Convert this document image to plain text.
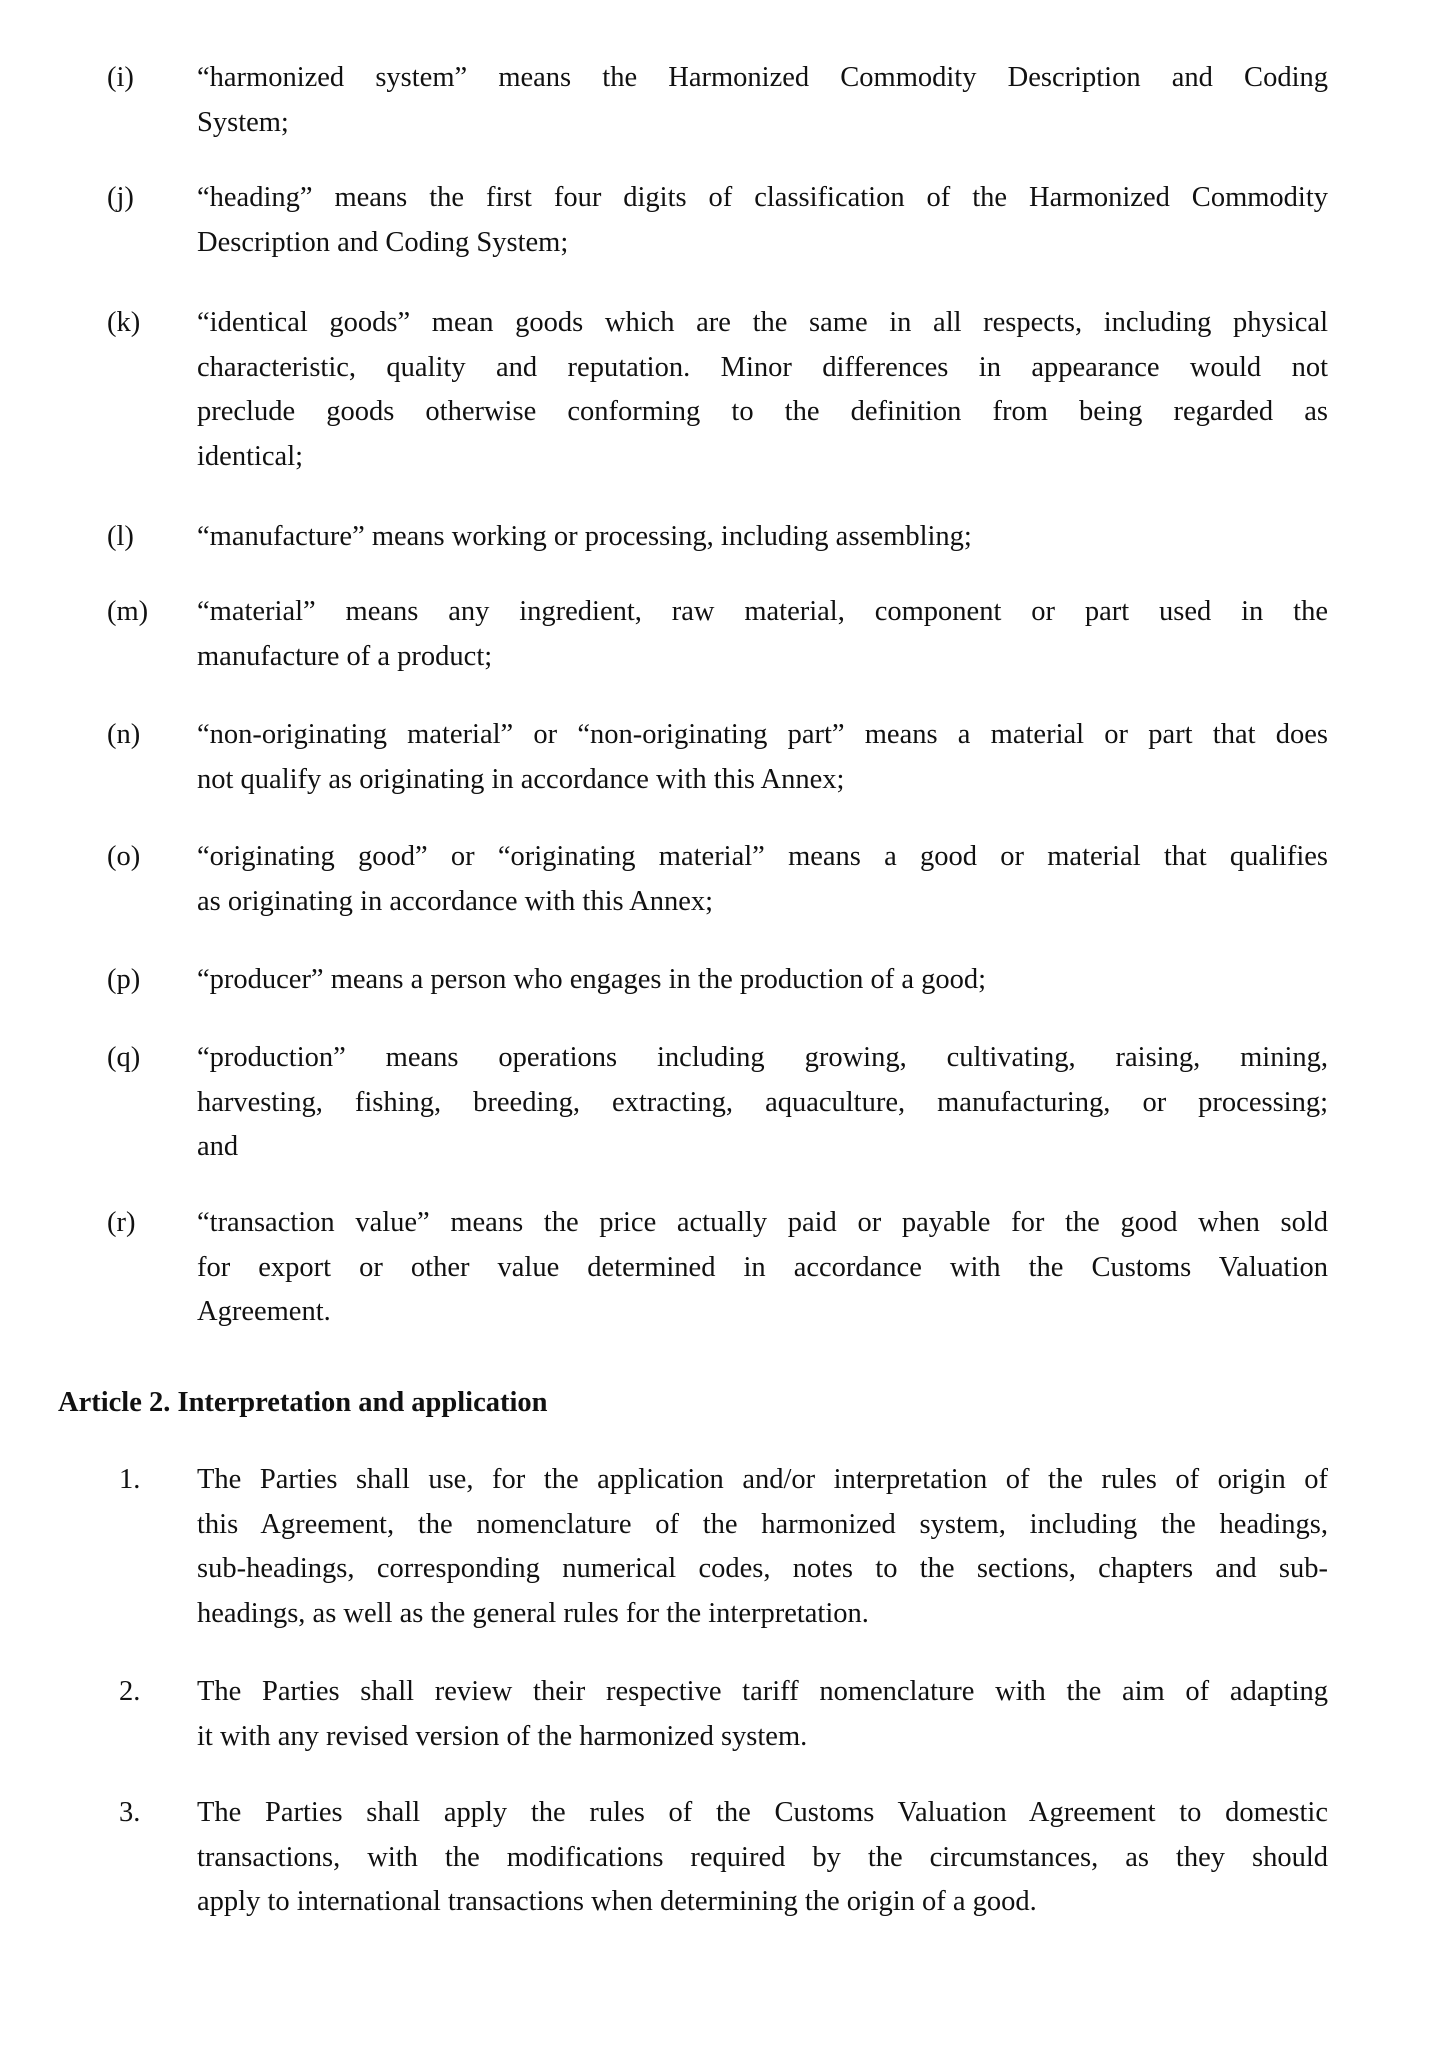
(i) “harmonized system” means the Harmonized Commodity Description and Coding
System;
(j) “heading” means the first four digits of classification of the Harmonized Commodity
Description and Coding System;
(k) “identical goods” mean goods which are the same in all respects, including physical
characteristic, quality and reputation. Minor differences in appearance would not
preclude goods otherwise conforming to the definition from being regarded as
identical;
(l) “manufacture” means working or processing, including assembling;
(m) “material” means any ingredient, raw material, component or part used in the
manufacture of a product;
(n) “non-originating material” or “non-originating part” means a material or part that does
not qualify as originating in accordance with this Annex;
(o) “originating good” or “originating material” means a good or material that qualifies
as originating in accordance with this Annex;
(p) “producer” means a person who engages in the production of a good;
(q) “production” means operations including growing, cultivating, raising, mining,
harvesting, fishing, breeding, extracting, aquaculture, manufacturing, or processing;
and
(r) “transaction value” means the price actually paid or payable for the good when sold
for export or other value determined in accordance with the Customs Valuation
Agreement.
Article 2. Interpretation and application
1. The Parties shall use, for the application and/or interpretation of the rules of origin of
this Agreement, the nomenclature of the harmonized system, including the headings,
sub-headings, corresponding numerical codes, notes to the sections, chapters and sub-
headings, as well as the general rules for the interpretation.
2. The Parties shall review their respective tariff nomenclature with the aim of adapting
it with any revised version of the harmonized system.
3. The Parties shall apply the rules of the Customs Valuation Agreement to domestic
transactions, with the modifications required by the circumstances, as they should
apply to international transactions when determining the origin of a good.
